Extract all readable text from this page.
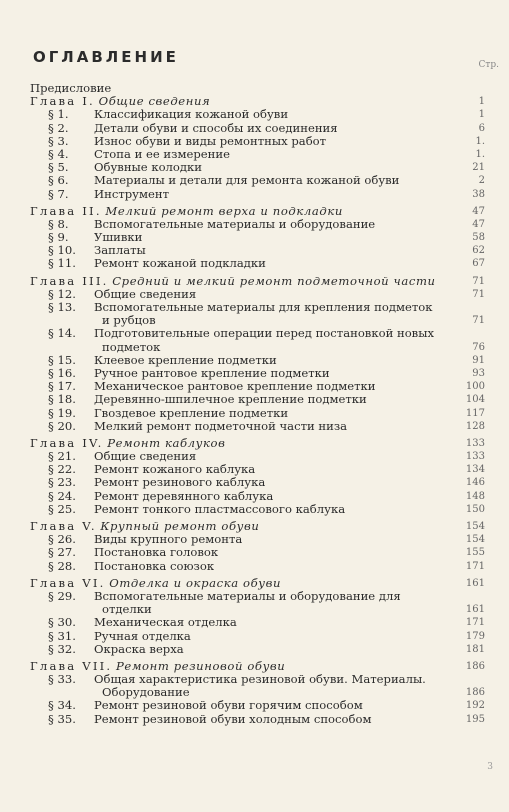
ОГЛАВЛЕНИЕ	Стр.
Предисловие
Глава I. Общие сведения	1
§ 1. Классификация кожаной обуви	1
§ 2. Детали обуви и способы их соединения	6
§ 3. Износ обуви и виды ремонтных работ	1.
§ 4. Стопа и ее измерение	1.
§ 5. Обувные колодки	21
§ 6. Материалы и детали для ремонта кожаной обуви	2
§ 7. Инструмент	38
Глава II. Мелкий ремонт верха и подкладки	47
§ 8. Вспомогательные материалы и оборудование	47
§ 9. Ушивки	58
§ 10. Заплаты	62
§ 11. Ремонт кожаной подкладки	67
Глава III. Средний и мелкий ремонт подметочной части	71
§ 12. Общие сведения	71
§ 13. Вспомогательные материалы для крепления подметок
и рубцов	71
§ 14. Подготовительные операции перед постановкой новых
подметок	76
§ 15. Клеевое крепление подметки	91
§ 16. Ручное рантовое крепление подметки	93
§ 17. Механическое рантовое крепление подметки	100
§ 18. Деревянно-шпилечное крепление подметки	104
§ 19. Гвоздевое крепление подметки	117
§ 20. Мелкий ремонт подметочной части низа	128
Глава IV. Ремонт каблуков	133
§ 21. Общие сведения	133
§ 22. Ремонт кожаного каблука	134
§ 23. Ремонт резинового каблука	146
§ 24. Ремонт деревянного каблука	148
§ 25. Ремонт тонкого пластмассового каблука	150
Глава V. Крупный ремонт обуви	154
§ 26. Виды крупного ремонта	154
§ 27. Постановка головок	155
§ 28. Постановка союзок	171
Глава VI. Отделка и окраска обуви	161
§ 29. Вспомогательные материалы и оборудование для
отделки	161
§ 30. Механическая отделка	171
§ 31. Ручная отделка	179
§ 32. Окраска верха	181
Глава VII. Ремонт резиновой обуви	186
§ 33. Общая характеристика резиновой обуви. Материалы.
Оборудование	186
§ 34. Ремонт резиновой обуви горячим способом	192
§ 35. Ремонт резиновой обуви холодным способом	195
3
